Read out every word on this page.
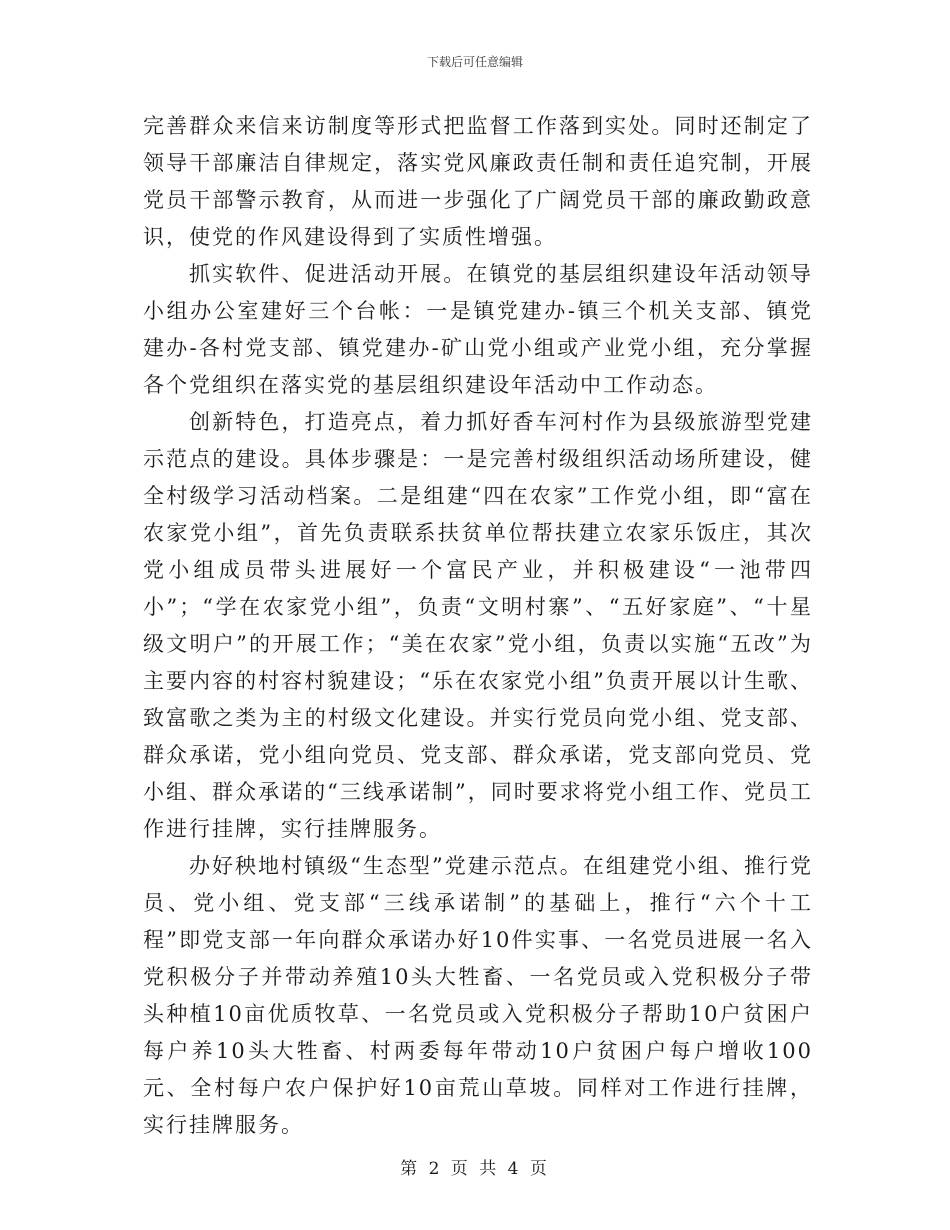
下载后可任意编辑

完善群众来信来访制度等形式把监督工作落到实处。同时还制定了领导干部廉洁自律规定，落实党风廉政责任制和责任追究制，开展党员干部警示教育，从而进一步强化了广阔党员干部的廉政勤政意识，使党的作风建设得到了实质性增强。

抓实软件、促进活动开展。在镇党的基层组织建设年活动领导小组办公室建好三个台帐：一是镇党建办-镇三个机关支部、镇党建办-各村党支部、镇党建办-矿山党小组或产业党小组，充分掌握各个党组织在落实党的基层组织建设年活动中工作动态。

创新特色，打造亮点，着力抓好香车河村作为县级旅游型党建示范点的建设。具体步骤是：一是完善村级组织活动场所建设，健全村级学习活动档案。二是组建“四在农家”工作党小组，即“富在农家党小组”，首先负责联系扶贫单位帮扶建立农家乐饭庄，其次党小组成员带头进展好一个富民产业，并积极建设“一池带四小”；“学在农家党小组”，负责“文明村寨”、“五好家庭”、“十星级文明户”的开展工作；“美在农家”党小组，负责以实施“五改”为主要内容的村容村貌建设；“乐在农家党小组”负责开展以计生歌、致富歌之类为主的村级文化建设。并实行党员向党小组、党支部、群众承诺，党小组向党员、党支部、群众承诺，党支部向党员、党小组、群众承诺的“三线承诺制”，同时要求将党小组工作、党员工作进行挂牌，实行挂牌服务。

办好秧地村镇级“生态型”党建示范点。在组建党小组、推行党员、党小组、党支部“三线承诺制”的基础上，推行“六个十工程”即党支部一年向群众承诺办好10件实事、一名党员进展一名入党积极分子并带动养殖10头大牲畜、一名党员或入党积极分子带头种植10亩优质牧草、一名党员或入党积极分子帮助10户贫困户每户养10头大牲畜、村两委每年带动10户贫困户每户增收100元、全村每户农户保护好10亩荒山草坡。同样对工作进行挂牌，实行挂牌服务。

第 2 页 共 4 页
